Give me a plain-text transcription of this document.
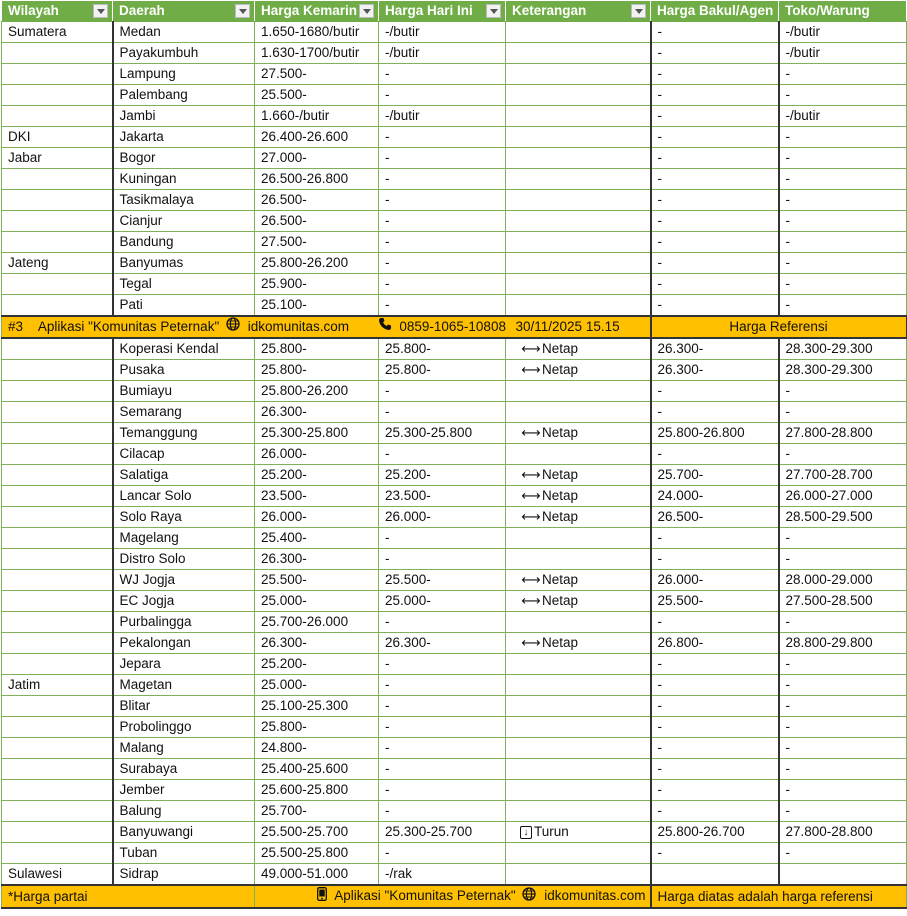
Wilayah	Daerah	Harga Kemarin	Harga Hari Ini	Keterangan	Harga Bakul/Agen	Toko/Warung
Sumatera	Medan	1.650-1680/butir	-/butir		-	-/butir
	Payakumbuh	1.630-1700/butir	-/butir		-	-/butir
	Lampung	27.500-	-		-	-
	Palembang	25.500-	-		-	-
	Jambi	1.660-/butir	-/butir		-	-/butir
DKI	Jakarta	26.400-26.600	-		-	-
Jabar	Bogor	27.000-	-		-	-
	Kuningan	26.500-26.800	-		-	-
	Tasikmalaya	26.500-	-		-	-
	Cianjur	26.500-	-		-	-
	Bandung	27.500-	-		-	-
Jateng	Banyumas	25.800-26.200	-		-	-
	Tegal	25.900-	-		-	-
	Pati	25.100-	-		-	-
#3 Aplikasi "Komunitas Peternak" idkomunitas.com 0859-1065-10808 30/11/2025 15.15					Harga Referensi	
	Koperasi Kendal	25.800-	25.800-	⟷Netap	26.300-	28.300-29.300
	Pusaka	25.800-	25.800-	⟷Netap	26.300-	28.300-29.300
	Bumiayu	25.800-26.200	-		-	-
	Semarang	26.300-	-		-	-
	Temanggung	25.300-25.800	25.300-25.800	⟷Netap	25.800-26.800	27.800-28.800
	Cilacap	26.000-	-		-	-
	Salatiga	25.200-	25.200-	⟷Netap	25.700-	27.700-28.700
	Lancar Solo	23.500-	23.500-	⟷Netap	24.000-	26.000-27.000
	Solo Raya	26.000-	26.000-	⟷Netap	26.500-	28.500-29.500
	Magelang	25.400-	-		-	-
	Distro Solo	26.300-	-		-	-
	WJ Jogja	25.500-	25.500-	⟷Netap	26.000-	28.000-29.000
	EC Jogja	25.000-	25.000-	⟷Netap	25.500-	27.500-28.500
	Purbalingga	25.700-26.000	-		-	-
	Pekalongan	26.300-	26.300-	⟷Netap	26.800-	28.800-29.800
	Jepara	25.200-	-		-	-
Jatim	Magetan	25.000-	-		-	-
	Blitar	25.100-25.300	-		-	-
	Probolinggo	25.800-	-		-	-
	Malang	24.800-	-		-	-
	Surabaya	25.400-25.600	-		-	-
	Jember	25.600-25.800	-		-	-
	Balung	25.700-	-		-	-
	Banyuwangi	25.500-25.700	25.300-25.700	↓ Turun	25.800-26.700	27.800-28.800
	Tuban	25.500-25.800	-		-	-
Sulawesi	Sidrap	49.000-51.000	-/rak			
*Harga partai		Aplikasi "Komunitas Peternak" idkomunitas.com			Harga diatas adalah harga referensi	
